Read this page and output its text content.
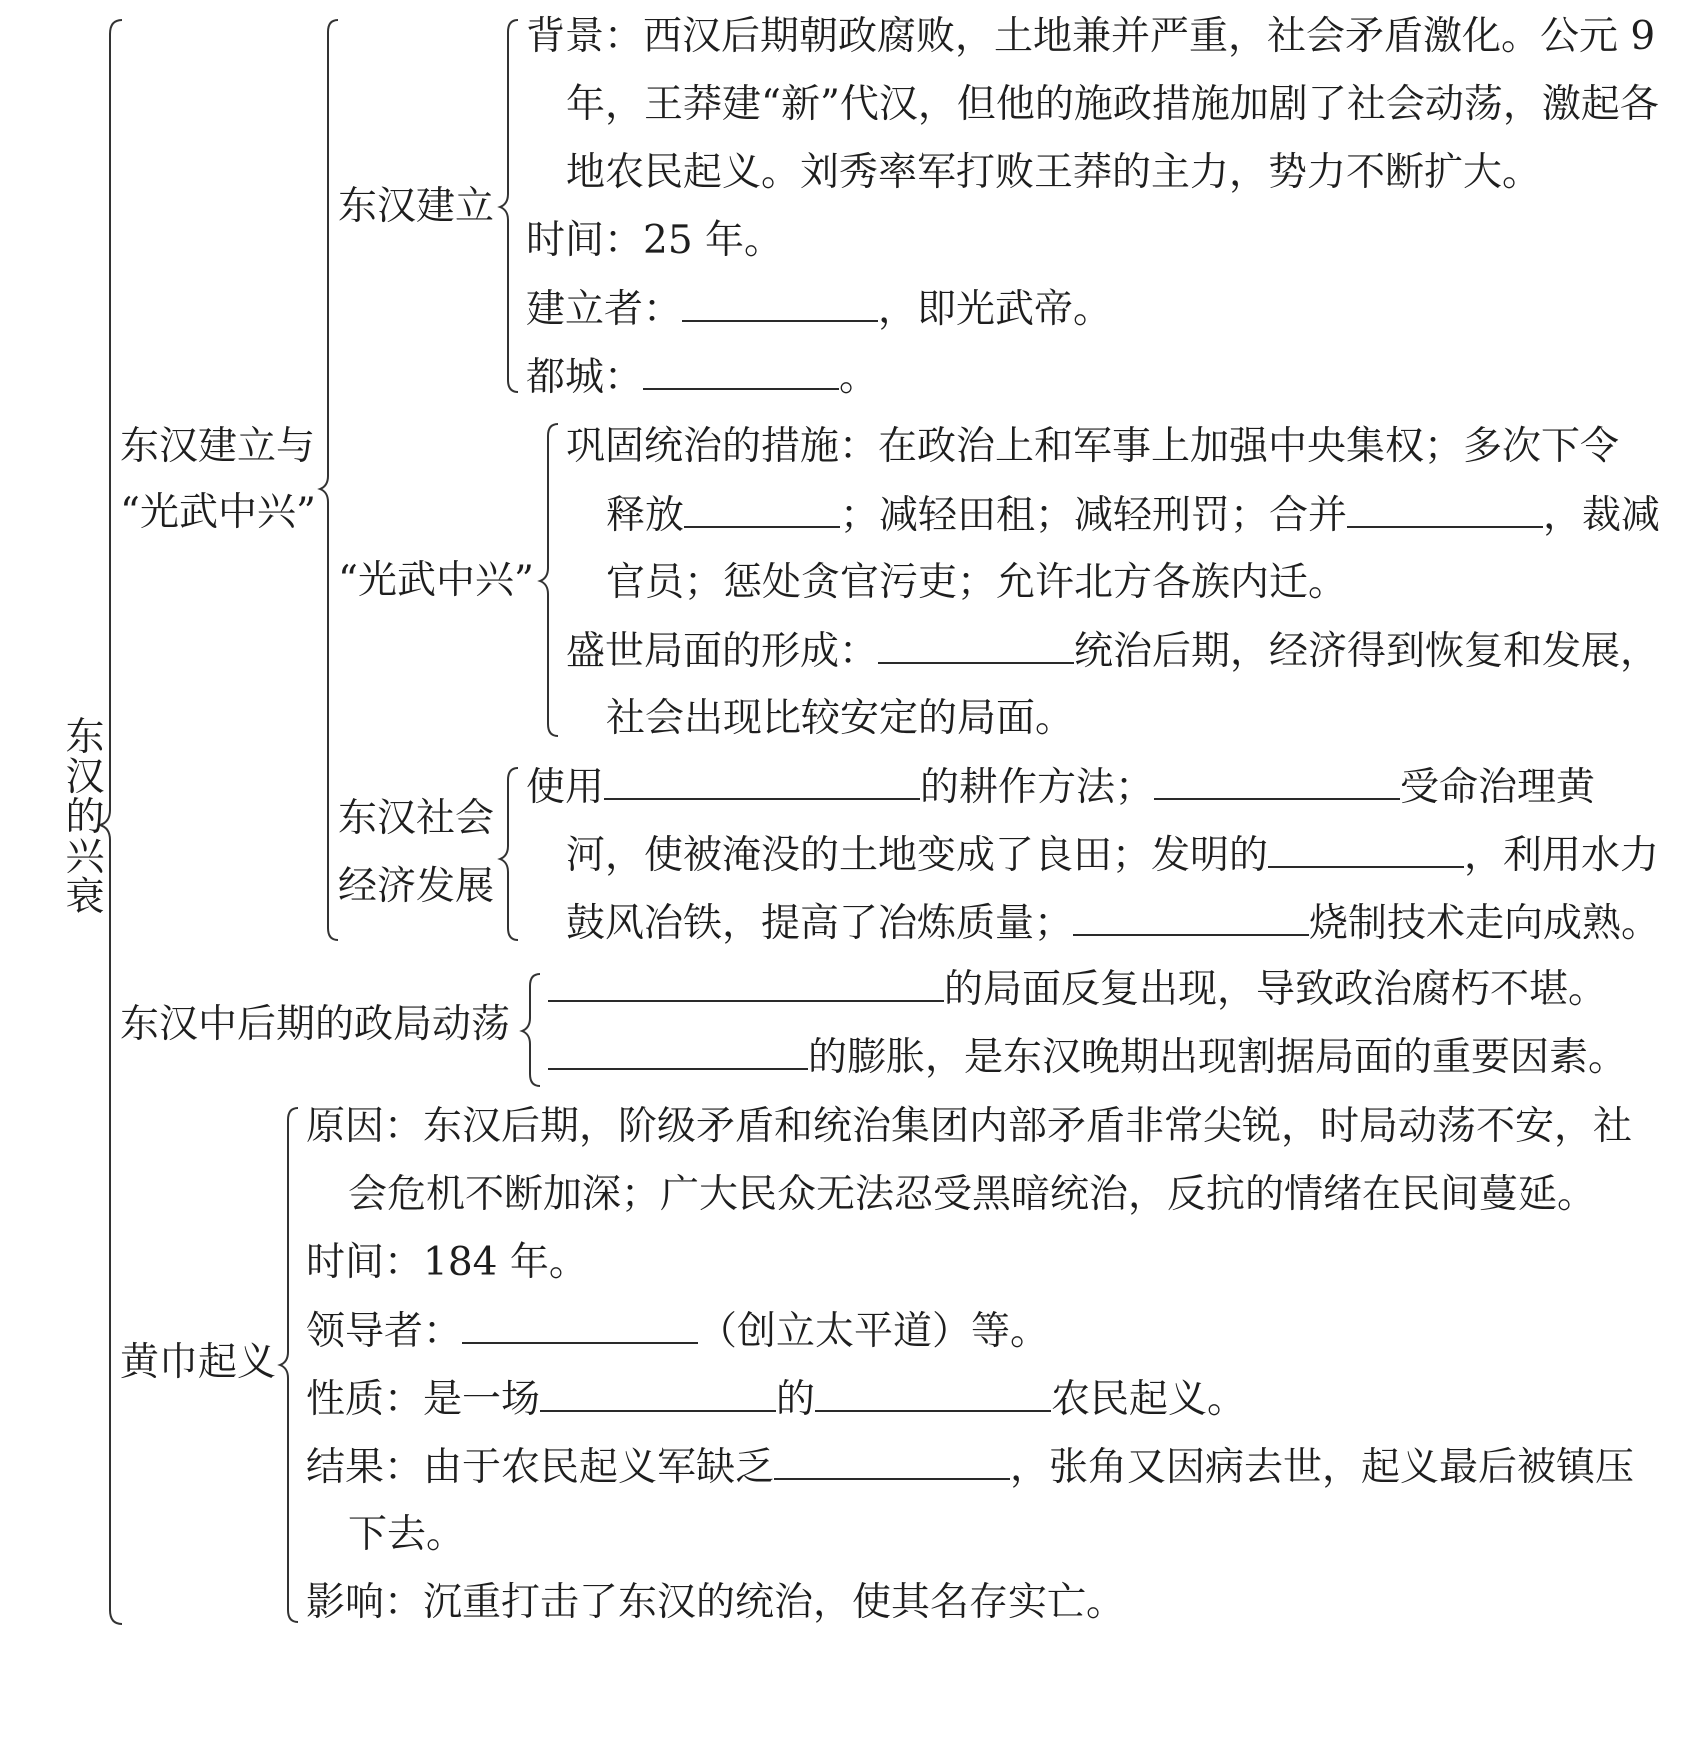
东汉的兴衰
东汉建立与
“光武中兴”
东汉建立
背景：西汉后期朝政腐败，土地兼并严重，社会矛盾激化。公元 9
年，王莽建“新”代汉，但他的施政措施加剧了社会动荡，激起各
地农民起义。刘秀率军打败王莽的主力，势力不断扩大。
时间：25 年。
建立者：	，即光武帝。
都城：	。
“光武中兴”
巩固统治的措施：在政治上和军事上加强中央集权；多次下令
释放	；减轻田租；减轻刑罚；合并	，裁减
官员；惩处贪官污吏；允许北方各族内迁。
盛世局面的形成：	统治后期，经济得到恢复和发展，
社会出现比较安定的局面。
东汉社会
经济发展
使用	的耕作方法；	受命治理黄
河，使被淹没的土地变成了良田；发明的	，利用水力
鼓风冶铁，提高了冶炼质量；	烧制技术走向成熟。
东汉中后期的政局动荡
的局面反复出现，导致政治腐朽不堪。
的膨胀，是东汉晚期出现割据局面的重要因素。
黄巾起义
原因：东汉后期，阶级矛盾和统治集团内部矛盾非常尖锐，时局动荡不安，社
会危机不断加深；广大民众无法忍受黑暗统治，反抗的情绪在民间蔓延。
时间：184 年。
领导者：	（创立太平道）等。
性质：是一场	的	农民起义。
结果：由于农民起义军缺乏	，张角又因病去世，起义最后被镇压
下去。
影响：沉重打击了东汉的统治，使其名存实亡。
